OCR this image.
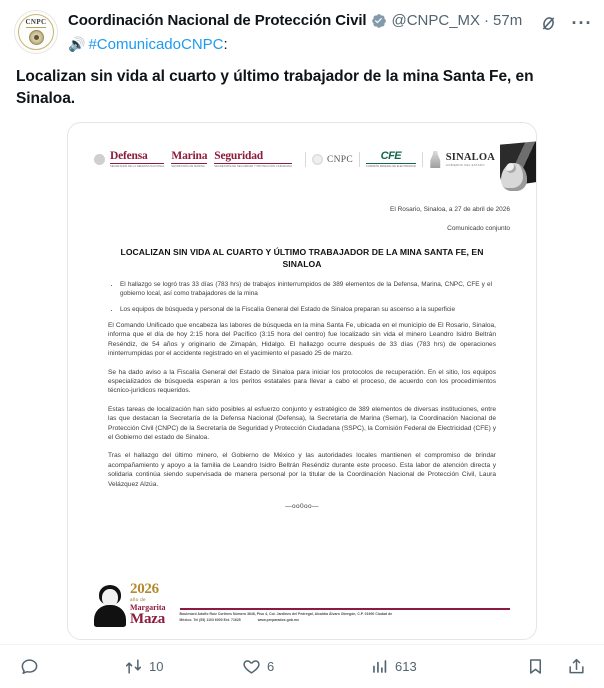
CNPC Coordinación Nacional de Protección Civil @CNPC_MX · 57m
🔊 #ComunicadoCNPC:
···
Localizan sin vida al cuarto y último trabajador de la mina Santa Fe, en Sinaloa.
Defensa
SECRETARÍA DE LA DEFENSA NACIONAL
Marina
SECRETARÍA DE MARINA
Seguridad
SECRETARÍA DE SEGURIDAD Y PROTECCIÓN CIUDADANA
CNPC	CFE
COMISIÓN FEDERAL DE ELECTRICIDAD
SINALOA
GOBIERNO DEL ESTADO
El Rosario, Sinaloa, a 27 de abril de 2026
Comunicado conjunto
LOCALIZAN SIN VIDA AL CUARTO Y ÚLTIMO TRABAJADOR DE LA MINA SANTA FE, EN SINALOA
• El hallazgo se logró tras 33 días (783 hrs) de trabajos ininterrumpidos de 389 elementos de la Defensa, Marina, CNPC, CFE y el gobierno local, así como trabajadores de la mina
• Los equipos de búsqueda y personal de la Fiscalía General del Estado de Sinaloa preparan su ascenso a la superficie

El Comando Unificado que encabeza las labores de búsqueda en la mina Santa Fe, ubicada en el municipio de El Rosario, Sinaloa, informa que el día de hoy 2:15 hora del Pacífico (3:15 hora del centro) fue localizado sin vida el minero Leandro Isidro Beltrán Reséndiz, de 54 años y originario de Zimapán, Hidalgo. El hallazgo ocurre después de 33 días (783 hrs) de operaciones ininterrumpidas por el accidente registrado en el yacimiento el pasado 25 de marzo.

Se ha dado aviso a la Fiscalía General del Estado de Sinaloa para iniciar los protocolos de recuperación. En el sitio, los equipos especializados de búsqueda esperan a los peritos estatales para llevar a cabo el proceso, de acuerdo con los procedimientos técnico-jurídicos requeridos.

Estas tareas de localización han sido posibles al esfuerzo conjunto y estratégico de 389 elementos de diversas instituciones, entre las que destacan la Secretaría de la Defensa Nacional (Defensa), la Secretaría de Marina (Semar), la Coordinación Nacional de Protección Civil (CNPC) de la Secretaría de Seguridad y Protección Ciudadana (SSPC), la Comisión Federal de Electricidad (CFE) y el Gobierno del estado de Sinaloa.

Tras el hallazgo del último minero, el Gobierno de México y las autoridades locales mantienen el compromiso de brindar acompañamiento y apoyo a la familia de Leandro Isidro Beltrán Reséndiz durante este proceso. Esta labor de atención directa y solidaria continúa siendo supervisada de manera personal por la titular de la Coordinación Nacional de Protección Civil, Laura Velázquez Alzúa.

—oo0oo—
2026
año de
Margarita
Maza	Boulevard Adolfo Ruíz Cortines Número 3648, Piso 4, Col. Jardines del Pedregal, Alcaldía Álvaro Obregón, C.P. 01900 Ciudad de
México. Tel (55) 1103 6000 Ext. 71625	www.preparados.gob.mx
10	6	613
